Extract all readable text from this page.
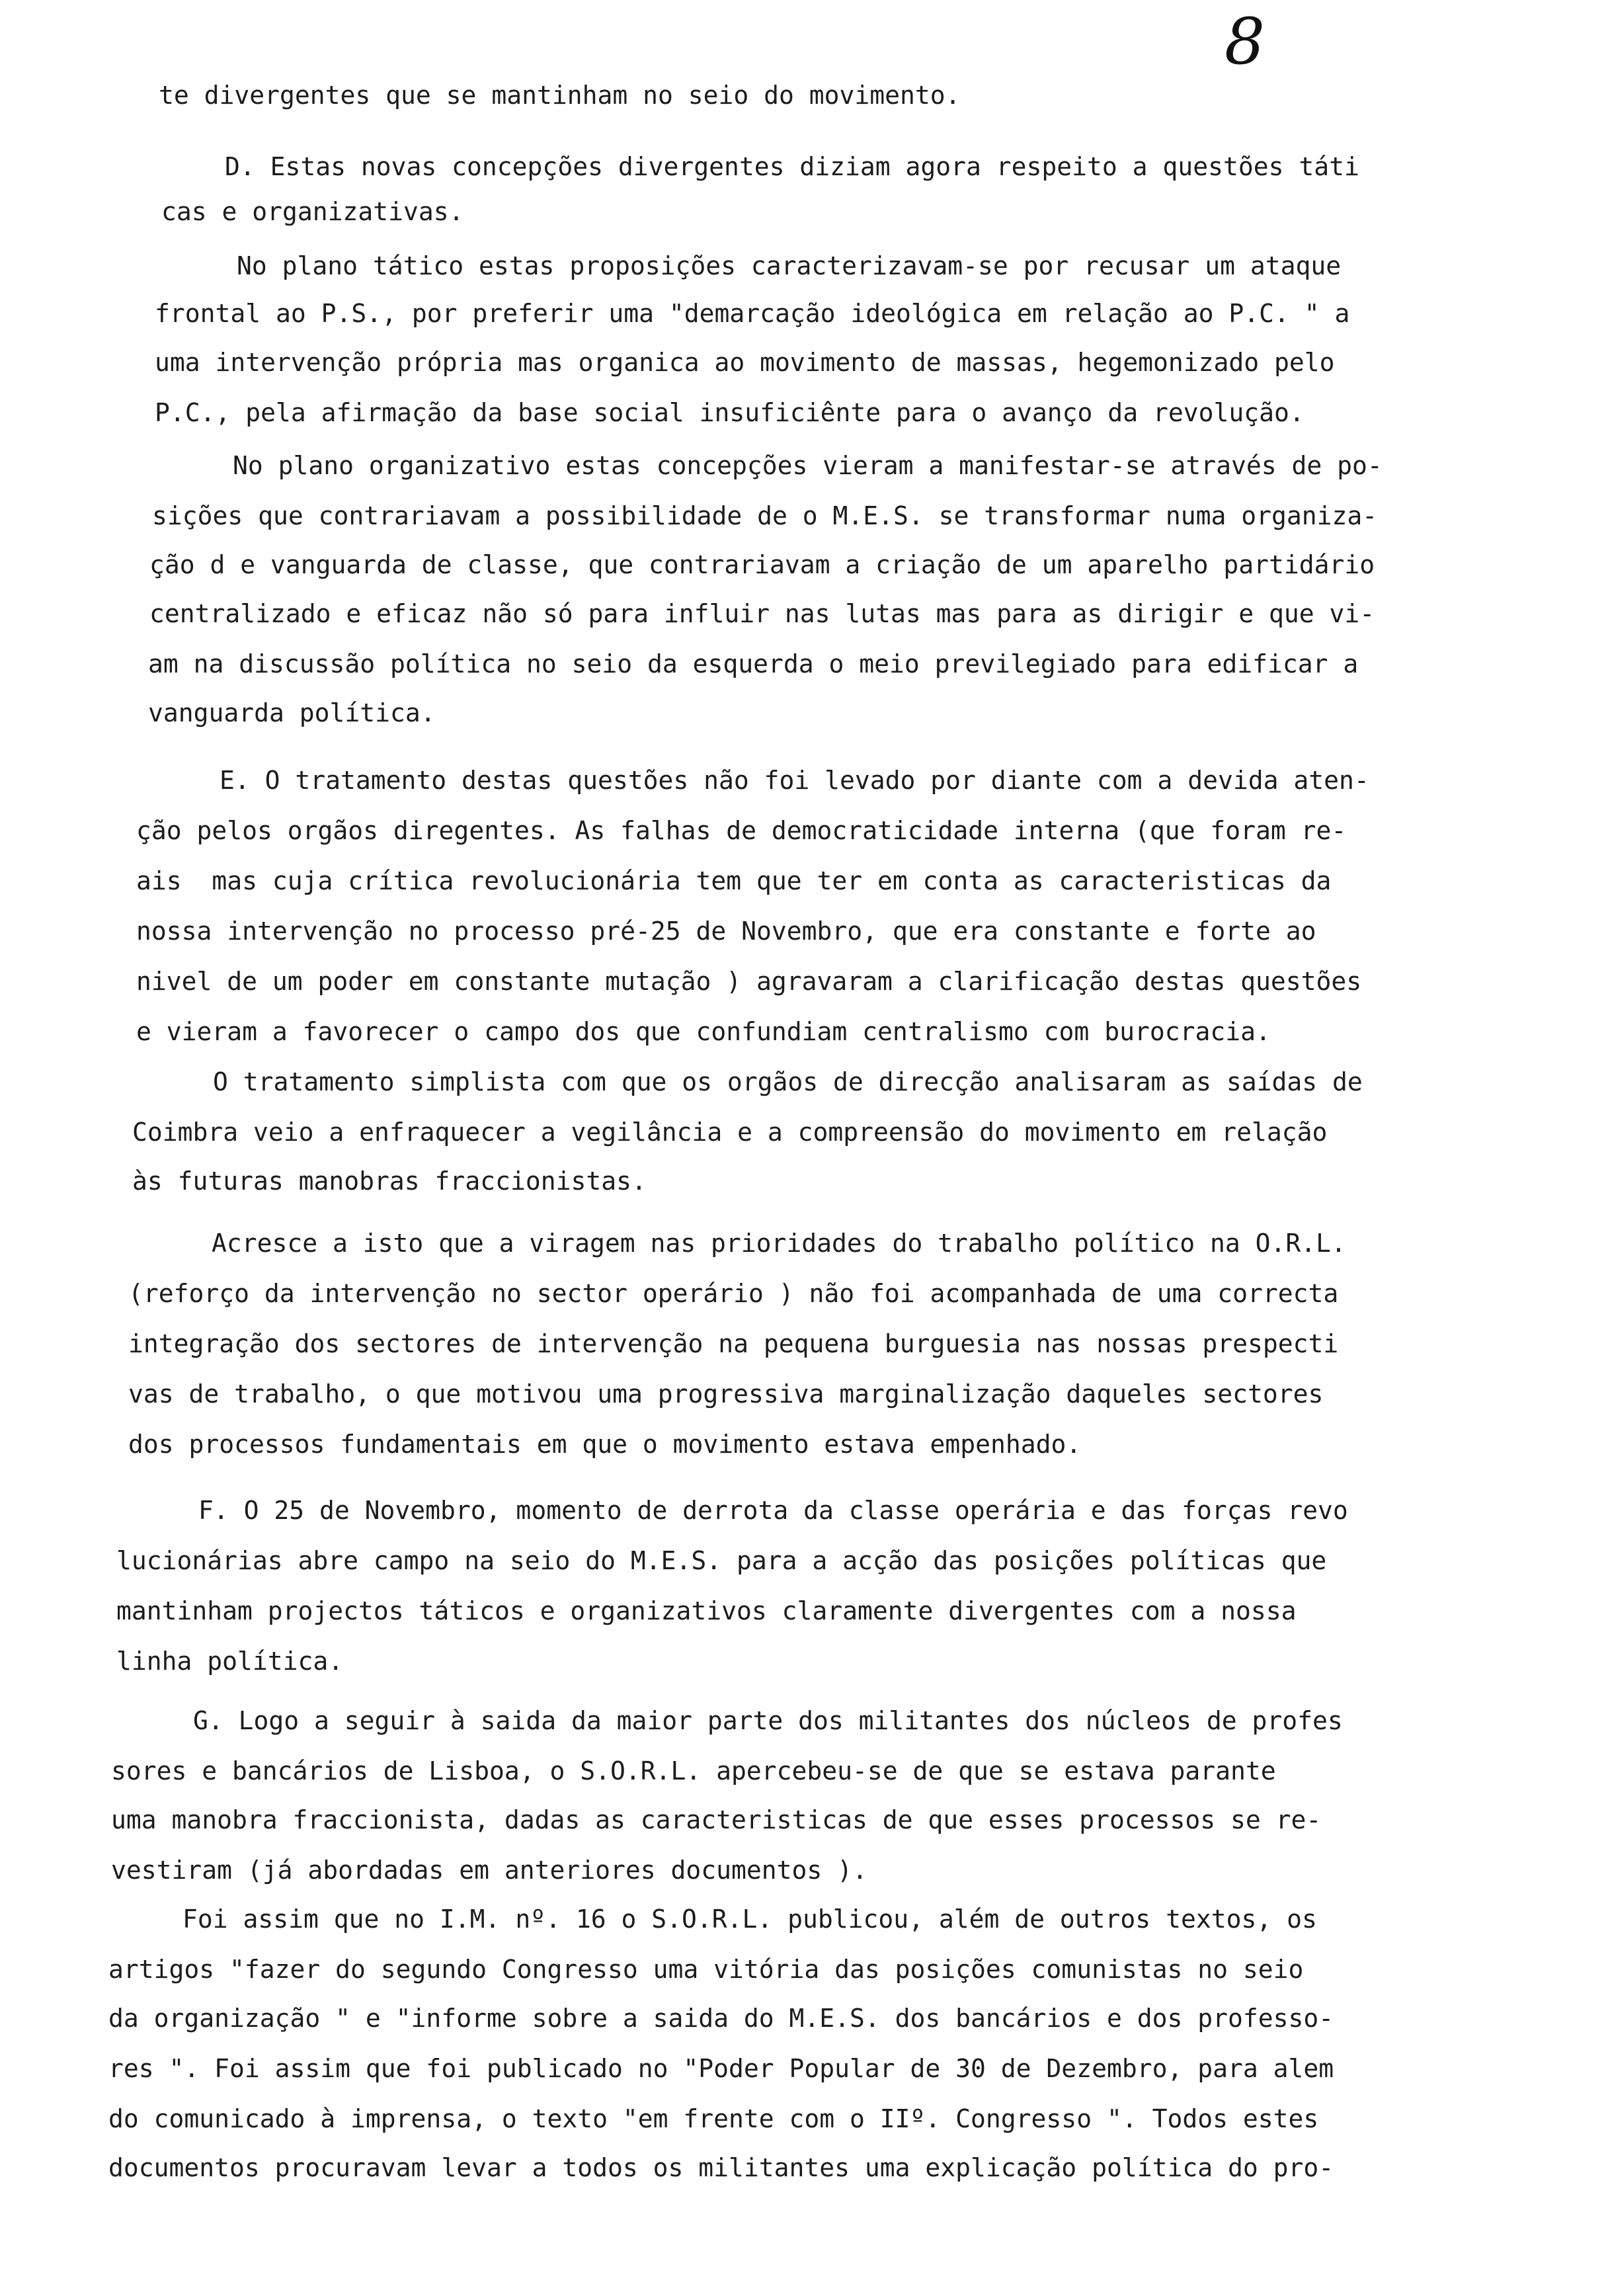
8
te divergentes que se mantinham no seio do movimento.
D. Estas novas concepções divergentes diziam agora respeito a questões táti
cas e organizativas.
No plano tático estas proposições caracterizavam-se por recusar um ataque
frontal ao P.S., por preferir uma "demarcação ideológica em relação ao P.C. " a
uma intervenção própria mas organica ao movimento de massas, hegemonizado pelo
P.C., pela afirmação da base social insuficiênte para o avanço da revolução.
No plano organizativo estas concepções vieram a manifestar-se através de po-
sições que contrariavam a possibilidade de o M.E.S. se transformar numa organiza-
ção d e vanguarda de classe, que contrariavam a criação de um aparelho partidário
centralizado e eficaz não só para influir nas lutas mas para as dirigir e que vi-
am na discussão política no seio da esquerda o meio previlegiado para edificar a
vanguarda política.
E. O tratamento destas questões não foi levado por diante com a devida aten-
ção pelos orgãos diregentes. As falhas de democraticidade interna (que foram re-
ais  mas cuja crítica revolucionária tem que ter em conta as caracteristicas da
nossa intervenção no processo pré-25 de Novembro, que era constante e forte ao
nivel de um poder em constante mutação ) agravaram a clarificação destas questões
e vieram a favorecer o campo dos que confundiam centralismo com burocracia.
O tratamento simplista com que os orgãos de direcção analisaram as saídas de
Coimbra veio a enfraquecer a vegilância e a compreensão do movimento em relação
às futuras manobras fraccionistas.
Acresce a isto que a viragem nas prioridades do trabalho político na O.R.L.
(reforço da intervenção no sector operário ) não foi acompanhada de uma correcta
integração dos sectores de intervenção na pequena burguesia nas nossas prespecti
vas de trabalho, o que motivou uma progressiva marginalização daqueles sectores
dos processos fundamentais em que o movimento estava empenhado.
F. O 25 de Novembro, momento de derrota da classe operária e das forças revo
lucionárias abre campo na seio do M.E.S. para a acção das posições políticas que
mantinham projectos táticos e organizativos claramente divergentes com a nossa
linha política.
G. Logo a seguir à saida da maior parte dos militantes dos núcleos de profes
sores e bancários de Lisboa, o S.O.R.L. apercebeu-se de que se estava parante
uma manobra fraccionista, dadas as caracteristicas de que esses processos se re-
vestiram (já abordadas em anteriores documentos ).
Foi assim que no I.M. nº. 16 o S.O.R.L. publicou, além de outros textos, os
artigos "fazer do segundo Congresso uma vitória das posições comunistas no seio
da organização " e "informe sobre a saida do M.E.S. dos bancários e dos professo-
res ". Foi assim que foi publicado no "Poder Popular de 30 de Dezembro, para alem
do comunicado à imprensa, o texto "em frente com o IIº. Congresso ". Todos estes
documentos procuravam levar a todos os militantes uma explicação política do pro-
